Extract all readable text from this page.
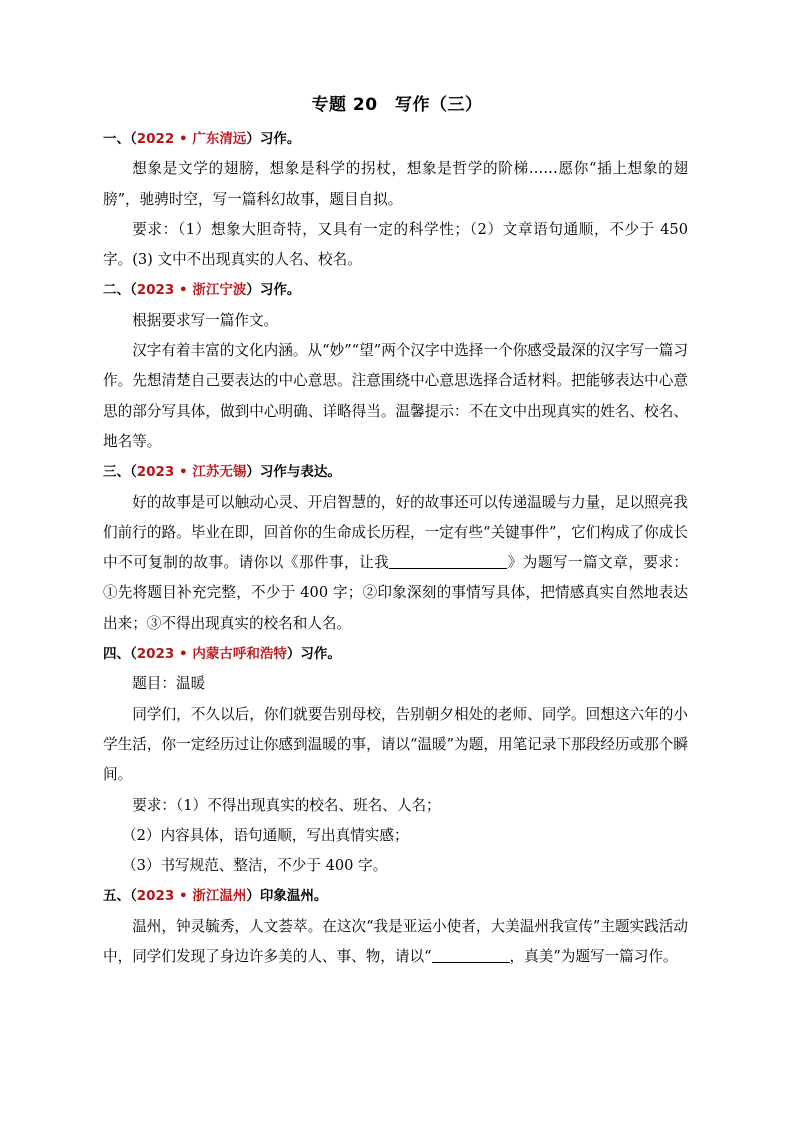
专题 20　写作（三）
一、（2022 • 广东清远）习作。

想象是文学的翅膀，想象是科学的拐杖，想象是哲学的阶梯……愿你“插上想象的翅膀”，驰骋时空，写一篇科幻故事，题目自拟。

要求：（1）想象大胆奇特，又具有一定的科学性；（2）文章语句通顺，不少于 450 字。(3) 文中不出现真实的人名、校名。

二、（2023 • 浙江宁波）习作。

根据要求写一篇作文。

汉字有着丰富的文化内涵。从“妙”“望”两个汉字中选择一个你感受最深的汉字写一篇习作。先想清楚自己要表达的中心意思。注意围绕中心意思选择合适材料。把能够表达中心意思的部分写具体，做到中心明确、详略得当。温馨提示：不在文中出现真实的姓名、校名、地名等。

三、（2023 • 江苏无锡）习作与表达。

好的故事是可以触动心灵、开启智慧的，好的故事还可以传递温暖与力量，足以照亮我们前行的路。毕业在即，回首你的生命成长历程，一定有些“关键事件”，它们构成了你成长中不可复制的故事。请你以《那件事，让我	》为题写一篇文章，要求：①先将题目补充完整，不少于 400 字；②印象深刻的事情写具体，把情感真实自然地表达出来；③不得出现真实的校名和人名。

四、（2023 • 内蒙古呼和浩特）习作。

题目：温暖

同学们，不久以后，你们就要告别母校，告别朝夕相处的老师、同学。回想这六年的小学生活，你一定经历过让你感到温暖的事，请以“温暖”为题，用笔记录下那段经历或那个瞬间。

要求：（1）不得出现真实的校名、班名、人名；

（2）内容具体，语句通顺，写出真情实感；

（3）书写规范、整洁，不少于 400 字。

五、（2023 • 浙江温州）印象温州。

温州，钟灵毓秀，人文荟萃。在这次“我是亚运小使者，大美温州我宣传”主题实践活动中，同学们发现了身边许多美的人、事、物，请以“	，真美”为题写一篇习作。
